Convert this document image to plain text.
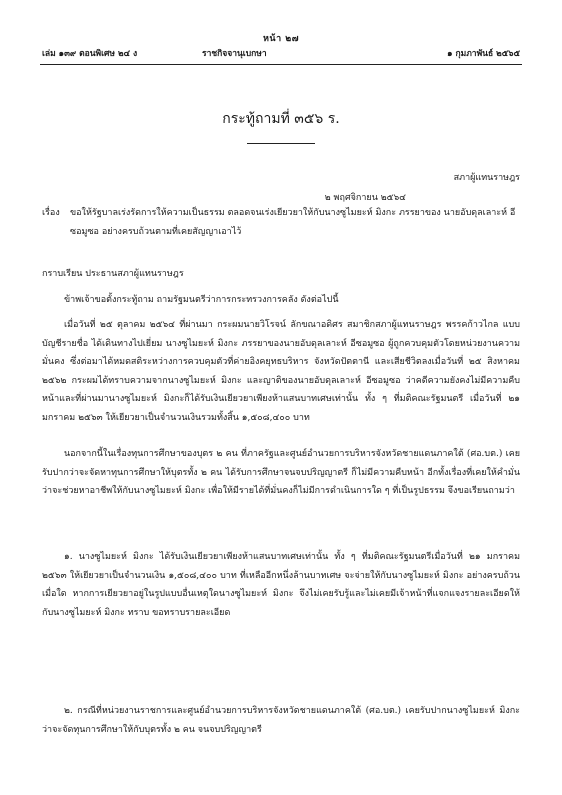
หน้า ๒๗
เล่ม ๑๓๙ ตอนพิเศษ ๒๔ ง	ราชกิจจานุเบกษา	๑ กุมภาพันธ์ ๒๕๖๕
กระทู้ถามที่ ๓๕๖ ร.
สภาผู้แทนราษฎร
๒ พฤศจิกายน ๒๕๖๔
เรื่อง ขอให้รัฐบาลเร่งรัดการให้ความเป็นธรรม ตลอดจนเร่งเยียวยาให้กับนางซูไมยะห์ มิงกะ ภรรยาของ นายอับดุลเลาะห์ อีซอมูซอ อย่างครบถ้วนตามที่เคยสัญญาเอาไว้
กราบเรียน ประธานสภาผู้แทนราษฎร
ข้าพเจ้าขอตั้งกระทู้ถาม ถามรัฐมนตรีว่าการกระทรวงการคลัง ดังต่อไปนี้
เมื่อวันที่ ๒๕ ตุลาคม ๒๕๖๔ ที่ผ่านมา กระผมนายวิโรจน์ ลักขณาอดิศร สมาชิกสภาผู้แทนราษฎร พรรคก้าวไกล แบบบัญชีรายชื่อ ได้เดินทางไปเยี่ยม นางซูไมยะห์ มิงกะ ภรรยาของนายอับดุลเลาะห์ อีซอมูซอ ผู้ถูกควบคุมตัวโดยหน่วยงานความมั่นคง ซึ่งต่อมาได้หมดสติระหว่างการควบคุมตัวที่ค่ายอิงคยุทธบริหาร จังหวัดปัตตานี และเสียชีวิตลงเมื่อวันที่ ๒๕ สิงหาคม ๒๕๖๒ กระผมได้ทราบความจากนางซูไมยะห์ มิงกะ และญาติของนายอับดุลเลาะห์ อีซอมูซอ ว่าคดีความยังคงไม่มีความคืบหน้าและที่ผ่านมานางซูไมยะห์ มิงกะก็ได้รับเงินเยียวยาเพียงห้าแสนบาทเศษเท่านั้น ทั้ง ๆ ที่มติคณะรัฐมนตรี เมื่อวันที่ ๒๑ มกราคม ๒๕๖๓ ให้เยียวยาเป็นจำนวนเงินรวมทั้งสิ้น ๑,๕๐๘,๔๐๐ บาท
นอกจากนี้ในเรื่องทุนการศึกษาของบุตร ๒ คน ที่ภาครัฐและศูนย์อำนวยการบริหารจังหวัดชายแดนภาคใต้ (ศอ.บต.) เคยรับปากว่าจะจัดหาทุนการศึกษาให้บุตรทั้ง ๒ คน ได้รับการศึกษาจนจบปริญญาตรี ก็ไม่มีความคืบหน้า อีกทั้งเรื่องที่เคยให้คำมั่นว่าจะช่วยหาอาชีพให้กับนางซูไมยะห์ มิงกะ เพื่อให้มีรายได้ที่มั่นคงก็ไม่มีการดำเนินการใด ๆ ที่เป็นรูปธรรม จึงขอเรียนถามว่า
๑. นางซูไมยะห์ มิงกะ ได้รับเงินเยียวยาเพียงห้าแสนบาทเศษเท่านั้น ทั้ง ๆ ที่มติคณะรัฐมนตรีเมื่อวันที่ ๒๑ มกราคม ๒๕๖๓ ให้เยียวยาเป็นจำนวนเงิน ๑,๕๐๘,๔๐๐ บาท ที่เหลืออีกหนึ่งล้านบาทเศษ จะจ่ายให้กับนางซูไมยะห์ มิงกะ อย่างครบถ้วนเมื่อใด หากการเยียวยาอยู่ในรูปแบบอื่นเหตุใดนางซูไมยะห์ มิงกะ จึงไม่เคยรับรู้และไม่เคยมีเจ้าหน้าที่แจกแจงรายละเอียดให้กับนางซูไมยะห์ มิงกะ ทราบ ขอทราบรายละเอียด
๒. กรณีที่หน่วยงานราชการและศูนย์อำนวยการบริหารจังหวัดชายแดนภาคใต้ (ศอ.บต.) เคยรับปากนางซูไมยะห์ มิงกะ ว่าจะจัดทุนการศึกษาให้กับบุตรทั้ง ๒ คน จนจบปริญญาตรี
